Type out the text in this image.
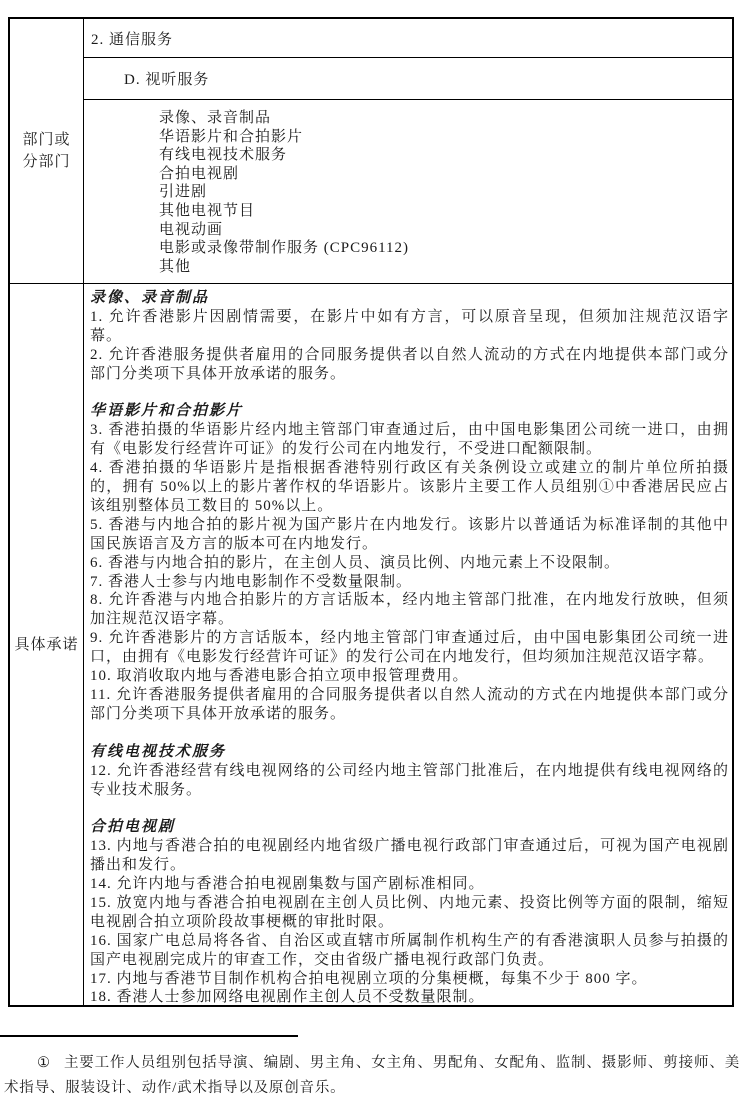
部门或
分部门
2. 通信服务
D. 视听服务
录像、录音制品
华语影片和合拍影片
有线电视技术服务
合拍电视剧
引进剧
其他电视节目
电视动画
电影或录像带制作服务 (CPC96112)
其他
具体承诺
录像、录音制品
1. 允许香港影片因剧情需要，在影片中如有方言，可以原音呈现，但须加注规范汉语字幕。
2. 允许香港服务提供者雇用的合同服务提供者以自然人流动的方式在内地提供本部门或分部门分类项下具体开放承诺的服务。
华语影片和合拍影片
3. 香港拍摄的华语影片经内地主管部门审查通过后，由中国电影集团公司统一进口，由拥有《电影发行经营许可证》的发行公司在内地发行，不受进口配额限制。
4. 香港拍摄的华语影片是指根据香港特别行政区有关条例设立或建立的制片单位所拍摄的，拥有 50%以上的影片著作权的华语影片。该影片主要工作人员组别①中香港居民应占该组别整体员工数目的 50%以上。
5. 香港与内地合拍的影片视为国产影片在内地发行。该影片以普通话为标准译制的其他中国民族语言及方言的版本可在内地发行。
6. 香港与内地合拍的影片，在主创人员、演员比例、内地元素上不设限制。
7. 香港人士参与内地电影制作不受数量限制。
8. 允许香港与内地合拍影片的方言话版本，经内地主管部门批准，在内地发行放映，但须加注规范汉语字幕。
9. 允许香港影片的方言话版本，经内地主管部门审查通过后，由中国电影集团公司统一进口，由拥有《电影发行经营许可证》的发行公司在内地发行，但均须加注规范汉语字幕。
10. 取消收取内地与香港电影合拍立项申报管理费用。
11. 允许香港服务提供者雇用的合同服务提供者以自然人流动的方式在内地提供本部门或分部门分类项下具体开放承诺的服务。
有线电视技术服务
12. 允许香港经营有线电视网络的公司经内地主管部门批准后，在内地提供有线电视网络的专业技术服务。
合拍电视剧
13. 内地与香港合拍的电视剧经内地省级广播电视行政部门审查通过后，可视为国产电视剧播出和发行。
14. 允许内地与香港合拍电视剧集数与国产剧标准相同。
15. 放宽内地与香港合拍电视剧在主创人员比例、内地元素、投资比例等方面的限制，缩短电视剧合拍立项阶段故事梗概的审批时限。
16. 国家广电总局将各省、自治区或直辖市所属制作机构生产的有香港演职人员参与拍摄的国产电视剧完成片的审查工作，交由省级广播电视行政部门负责。
17. 内地与香港节目制作机构合拍电视剧立项的分集梗概，每集不少于 800 字。
18. 香港人士参加网络电视剧作主创人员不受数量限制。
① 主要工作人员组别包括导演、编剧、男主角、女主角、男配角、女配角、监制、摄影师、剪接师、美术指导、服装设计、动作/武术指导以及原创音乐。
